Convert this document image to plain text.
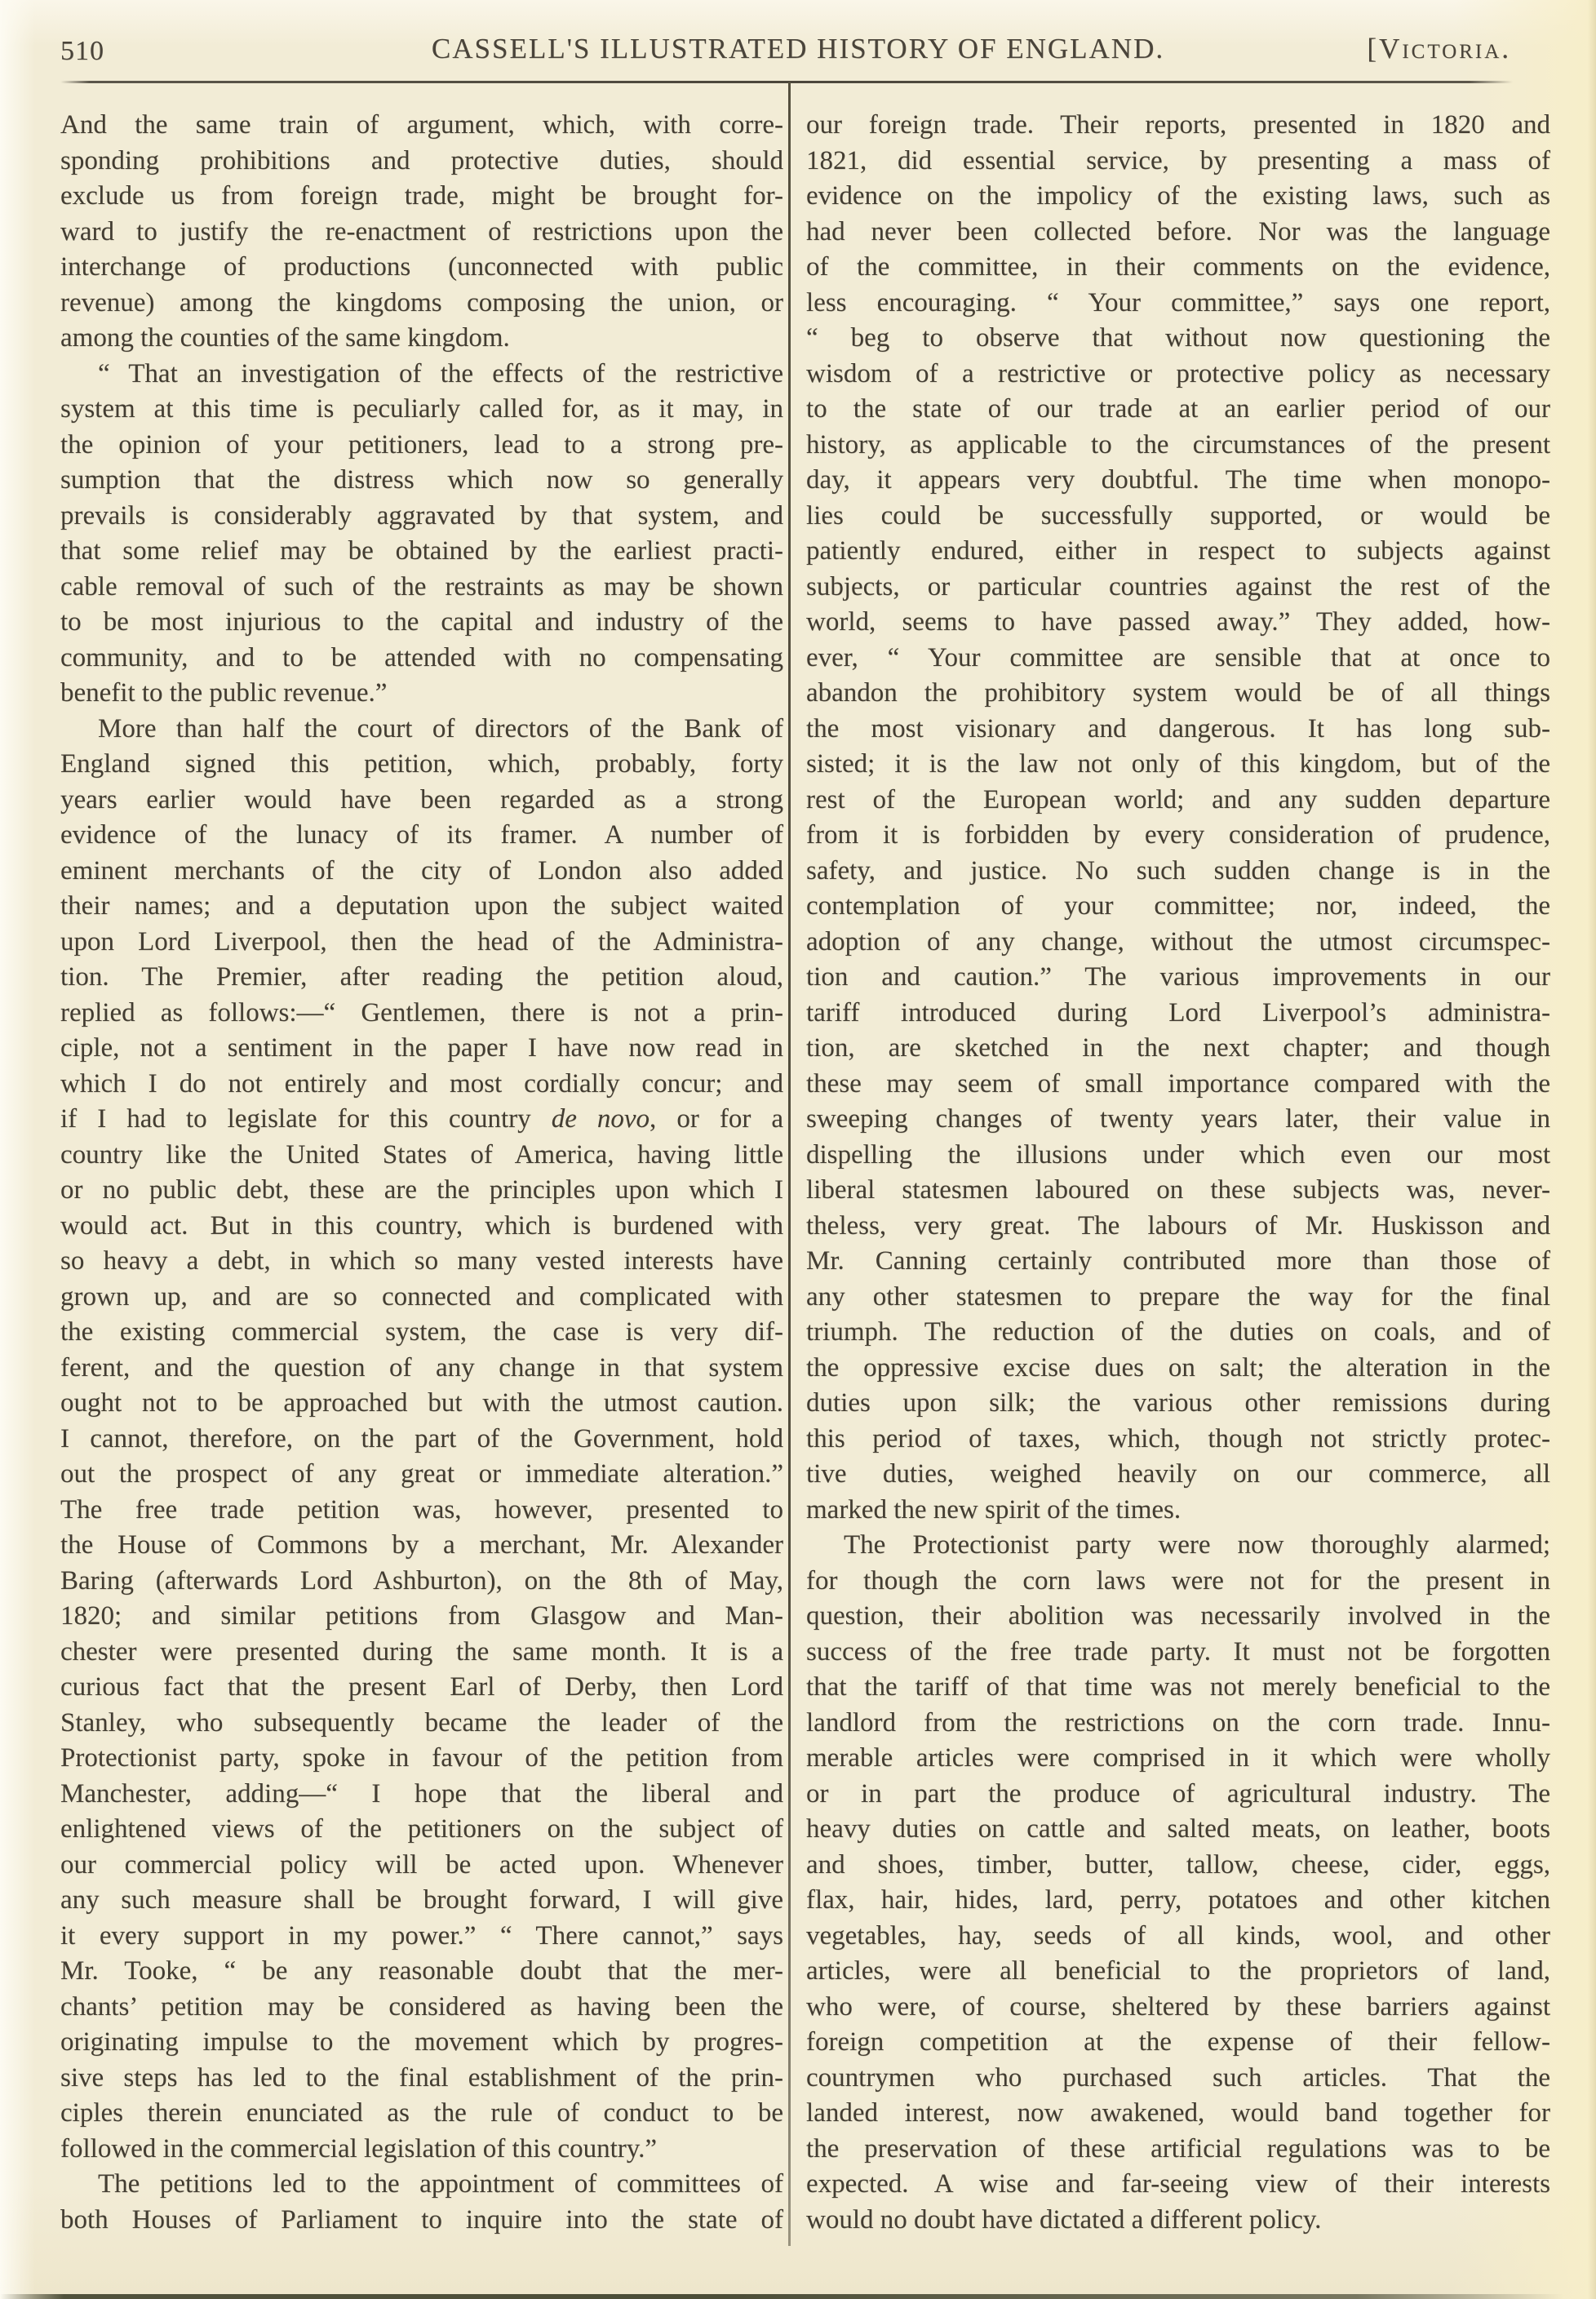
510	CASSELL'S ILLUSTRATED HISTORY OF ENGLAND.	[Victoria.
And the same train of argument, which, with corre-
sponding prohibitions and protective duties, should
exclude us from foreign trade, might be brought for-
ward to justify the re-enactment of restrictions upon the
interchange of productions (unconnected with public
revenue) among the kingdoms composing the union, or
among the counties of the same kingdom.
“ That an investigation of the effects of the restrictive
system at this time is peculiarly called for, as it may, in
the opinion of your petitioners, lead to a strong pre-
sumption that the distress which now so generally
prevails is considerably aggravated by that system, and
that some relief may be obtained by the earliest practi-
cable removal of such of the restraints as may be shown
to be most injurious to the capital and industry of the
community, and to be attended with no compensating
benefit to the public revenue.”
More than half the court of directors of the Bank of
England signed this petition, which, probably, forty
years earlier would have been regarded as a strong
evidence of the lunacy of its framer. A number of
eminent merchants of the city of London also added
their names; and a deputation upon the subject waited
upon Lord Liverpool, then the head of the Administra-
tion. The Premier, after reading the petition aloud,
replied as follows:—“ Gentlemen, there is not a prin-
ciple, not a sentiment in the paper I have now read in
which I do not entirely and most cordially concur; and
if I had to legislate for this country de novo, or for a
country like the United States of America, having little
or no public debt, these are the principles upon which I
would act. But in this country, which is burdened with
so heavy a debt, in which so many vested interests have
grown up, and are so connected and complicated with
the existing commercial system, the case is very dif-
ferent, and the question of any change in that system
ought not to be approached but with the utmost caution.
I cannot, therefore, on the part of the Government, hold
out the prospect of any great or immediate alteration.”
The free trade petition was, however, presented to
the House of Commons by a merchant, Mr. Alexander
Baring (afterwards Lord Ashburton), on the 8th of May,
1820; and similar petitions from Glasgow and Man-
chester were presented during the same month. It is a
curious fact that the present Earl of Derby, then Lord
Stanley, who subsequently became the leader of the
Protectionist party, spoke in favour of the petition from
Manchester, adding—“ I hope that the liberal and
enlightened views of the petitioners on the subject of
our commercial policy will be acted upon. Whenever
any such measure shall be brought forward, I will give
it every support in my power.” “ There cannot,” says
Mr. Tooke, “ be any reasonable doubt that the mer-
chants’ petition may be considered as having been the
originating impulse to the movement which by progres-
sive steps has led to the final establishment of the prin-
ciples therein enunciated as the rule of conduct to be
followed in the commercial legislation of this country.”
The petitions led to the appointment of committees of
both Houses of Parliament to inquire into the state of
our foreign trade. Their reports, presented in 1820 and
1821, did essential service, by presenting a mass of
evidence on the impolicy of the existing laws, such as
had never been collected before. Nor was the language
of the committee, in their comments on the evidence,
less encouraging. “ Your committee,” says one report,
“ beg to observe that without now questioning the
wisdom of a restrictive or protective policy as necessary
to the state of our trade at an earlier period of our
history, as applicable to the circumstances of the present
day, it appears very doubtful. The time when monopo-
lies could be successfully supported, or would be
patiently endured, either in respect to subjects against
subjects, or particular countries against the rest of the
world, seems to have passed away.” They added, how-
ever, “ Your committee are sensible that at once to
abandon the prohibitory system would be of all things
the most visionary and dangerous. It has long sub-
sisted; it is the law not only of this kingdom, but of the
rest of the European world; and any sudden departure
from it is forbidden by every consideration of prudence,
safety, and justice. No such sudden change is in the
contemplation of your committee; nor, indeed, the
adoption of any change, without the utmost circumspec-
tion and caution.” The various improvements in our
tariff introduced during Lord Liverpool’s administra-
tion, are sketched in the next chapter; and though
these may seem of small importance compared with the
sweeping changes of twenty years later, their value in
dispelling the illusions under which even our most
liberal statesmen laboured on these subjects was, never-
theless, very great. The labours of Mr. Huskisson and
Mr. Canning certainly contributed more than those of
any other statesmen to prepare the way for the final
triumph. The reduction of the duties on coals, and of
the oppressive excise dues on salt; the alteration in the
duties upon silk; the various other remissions during
this period of taxes, which, though not strictly protec-
tive duties, weighed heavily on our commerce, all
marked the new spirit of the times.
The Protectionist party were now thoroughly alarmed;
for though the corn laws were not for the present in
question, their abolition was necessarily involved in the
success of the free trade party. It must not be forgotten
that the tariff of that time was not merely beneficial to the
landlord from the restrictions on the corn trade. Innu-
merable articles were comprised in it which were wholly
or in part the produce of agricultural industry. The
heavy duties on cattle and salted meats, on leather, boots
and shoes, timber, butter, tallow, cheese, cider, eggs,
flax, hair, hides, lard, perry, potatoes and other kitchen
vegetables, hay, seeds of all kinds, wool, and other
articles, were all beneficial to the proprietors of land,
who were, of course, sheltered by these barriers against
foreign competition at the expense of their fellow-
countrymen who purchased such articles. That the
landed interest, now awakened, would band together for
the preservation of these artificial regulations was to be
expected. A wise and far-seeing view of their interests
would no doubt have dictated a different policy.
